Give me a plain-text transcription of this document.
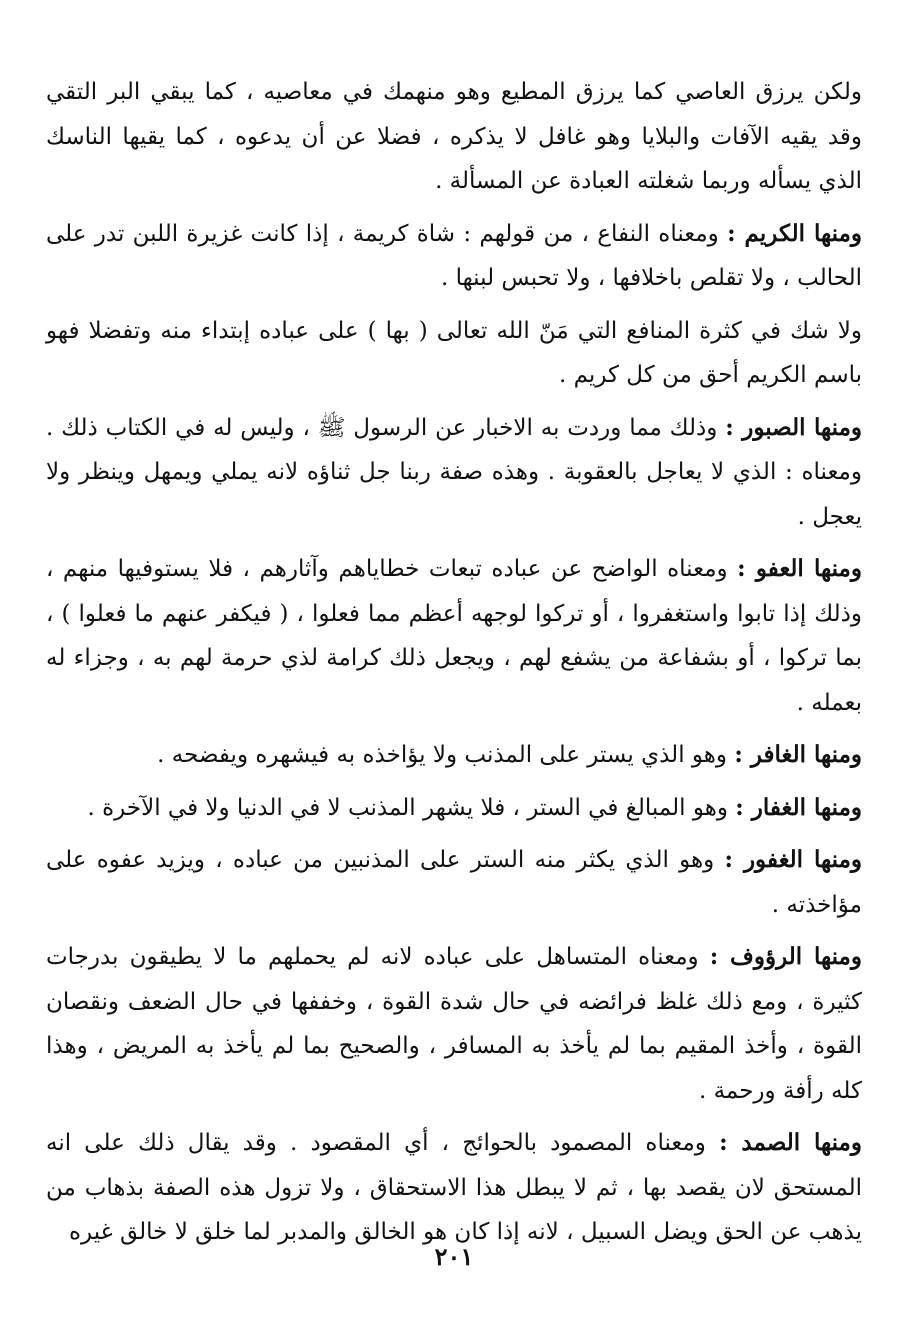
ولكن يرزق العاصي كما يرزق المطيع وهو منهمك في معاصيه ، كما يبقي البر التقي وقد يقيه الآفات والبلايا وهو غافل لا يذكره ، فضلا عن أن يدعوه ، كما يقيها الناسك الذي يسأله وربما شغلته العبادة عن المسألة .

ومنها الكريم : ومعناه النفاع ، من قولهم : شاة كريمة ، إذا كانت غزيرة اللبن تدر على الحالب ، ولا تقلص باخلافها ، ولا تحبس لبنها .

ولا شك في كثرة المنافع التي مَنّ الله تعالى ( بها ) على عباده إبتداء منه وتفضلا فهو باسم الكريم أحق من كل كريم .

ومنها الصبور : وذلك مما وردت به الاخبار عن الرسول ﷺ ، وليس له في الكتاب ذلك . ومعناه : الذي لا يعاجل بالعقوبة . وهذه صفة ربنا جل ثناؤه لانه يملي ويمهل وينظر ولا يعجل .

ومنها العفو : ومعناه الواضح عن عباده تبعات خطاياهم وآثارهم ، فلا يستوفيها منهم ، وذلك إذا تابوا واستغفروا ، أو تركوا لوجهه أعظم مما فعلوا ، ( فيكفر عنهم ما فعلوا ) ، بما تركوا ، أو بشفاعة من يشفع لهم ، ويجعل ذلك كرامة لذي حرمة لهم به ، وجزاء له بعمله .

ومنها الغافر : وهو الذي يستر على المذنب ولا يؤاخذه به فيشهره ويفضحه .

ومنها الغفار : وهو المبالغ في الستر ، فلا يشهر المذنب لا في الدنيا ولا في الآخرة .

ومنها الغفور : وهو الذي يكثر منه الستر على المذنبين من عباده ، ويزيد عفوه على مؤاخذته .

ومنها الرؤوف : ومعناه المتساهل على عباده لانه لم يحملهم ما لا يطيقون بدرجات كثيرة ، ومع ذلك غلظ فرائضه في حال شدة القوة ، وخففها في حال الضعف ونقصان القوة ، وأخذ المقيم بما لم يأخذ به المسافر ، والصحيح بما لم يأخذ به المريض ، وهذا كله رأفة ورحمة .

ومنها الصمد : ومعناه المصمود بالحوائج ، أي المقصود . وقد يقال ذلك على انه المستحق لان يقصد بها ، ثم لا يبطل هذا الاستحقاق ، ولا تزول هذه الصفة بذهاب من يذهب عن الحق ويضل السبيل ، لانه إذا كان هو الخالق والمدبر لما خلق لا خالق غيره

٢٠١
